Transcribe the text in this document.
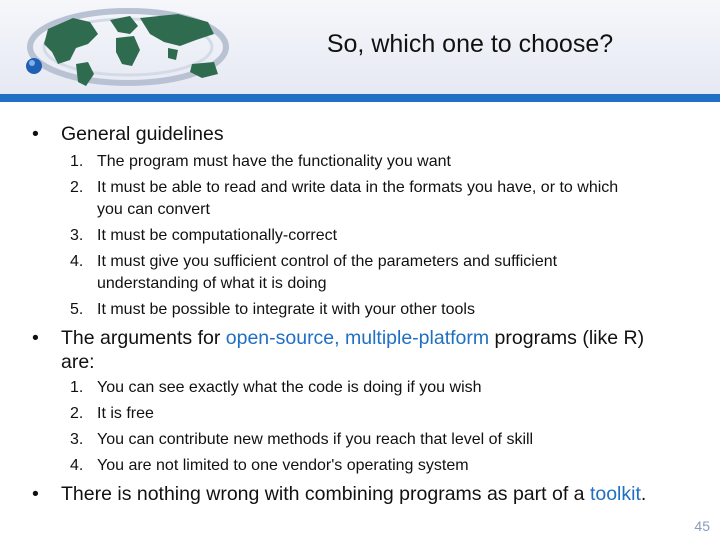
So, which one to choose?
•	General guidelines
1. The program must have the functionality you want
2. It must be able to read and write data in the formats you have, or to which
you can convert
3. It must be computationally-correct
4. It must give you sufficient control of the parameters and sufficient
understanding of what it is doing
5. It must be possible to integrate it with your other tools
•	The arguments for open-source, multiple-platform programs (like R)
are:
1. You can see exactly what the code is doing if you wish
2. It is free
3. You can contribute new methods if you reach that level of skill
4. You are not limited to one vendor's operating system
•	There is nothing wrong with combining programs as part of a toolkit.
45
